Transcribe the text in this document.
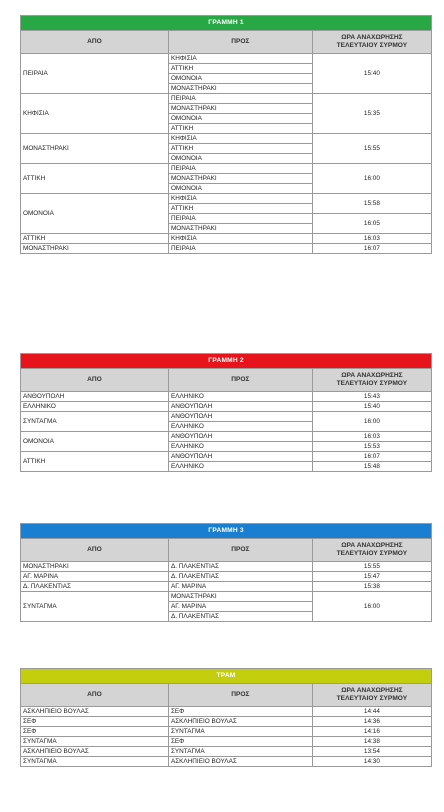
ΓΡΑΜΜΗ 1		
ΑΠΟ	ΠΡΟΣ	ΩΡΑ ΑΝΑΧΩΡΗΣΗΣ
ΤΕΛΕΥΤΑΙΟΥ ΣΥΡΜΟΥ
ΠΕΙΡΑΙΑ	ΚΗΦΙΣΙΑ	15:40
	ΑΤΤΙΚΗ	
	ΟΜΟΝΟΙΑ	
	ΜΟΝΑΣΤΗΡΑΚΙ	
ΚΗΦΙΣΙΑ	ΠΕΙΡΑΙΑ	15:35
	ΜΟΝΑΣΤΗΡΑΚΙ	
	ΟΜΟΝΟΙΑ	
	ΑΤΤΙΚΗ	
ΜΟΝΑΣΤΗΡΑΚΙ	ΚΗΦΙΣΙΑ	15:55
	ΑΤΤΙΚΗ	
	ΟΜΟΝΟΙΑ	
ΑΤΤΙΚΗ	ΠΕΙΡΑΙΑ	16:00
	ΜΟΝΑΣΤΗΡΑΚΙ	
	ΟΜΟΝΟΙΑ	
ΟΜΟΝΟΙΑ	ΚΗΦΙΣΙΑ	15:58
	ΑΤΤΙΚΗ	
	ΠΕΙΡΑΙΑ	16:05
	ΜΟΝΑΣΤΗΡΑΚΙ	
ΑΤΤΙΚΗ	ΚΗΦΙΣΙΑ	16:03
ΜΟΝΑΣΤΗΡΑΚΙ	ΠΕΙΡΑΙΑ	16:07
ΓΡΑΜΜΗ 2		
ΑΠΟ	ΠΡΟΣ	ΩΡΑ ΑΝΑΧΩΡΗΣΗΣ
ΤΕΛΕΥΤΑΙΟΥ ΣΥΡΜΟΥ
ΑΝΘΟΥΠΟΛΗ	ΕΛΛΗΝΙΚΟ	15:43
ΕΛΛΗΝΙΚΟ	ΑΝΘΟΥΠΟΛΗ	15:40
ΣΥΝΤΑΓΜΑ	ΑΝΘΟΥΠΟΛΗ	16:00
	ΕΛΛΗΝΙΚΟ	
ΟΜΟΝΟΙΑ	ΑΝΘΟΥΠΟΛΗ	16:03
	ΕΛΛΗΝΙΚΟ	15:53
ΑΤΤΙΚΗ	ΑΝΘΟΥΠΟΛΗ	16:07
	ΕΛΛΗΝΙΚΟ	15:48
ΓΡΑΜΜΗ 3		
ΑΠΟ	ΠΡΟΣ	ΩΡΑ ΑΝΑΧΩΡΗΣΗΣ
ΤΕΛΕΥΤΑΙΟΥ ΣΥΡΜΟΥ
ΜΟΝΑΣΤΗΡΑΚΙ	Δ. ΠΛΑΚΕΝΤΙΑΣ	15:55
ΑΓ. ΜΑΡΙΝΑ	Δ. ΠΛΑΚΕΝΤΙΑΣ	15:47
Δ. ΠΛΑΚΕΝΤΙΑΣ	ΑΓ. ΜΑΡΙΝΑ	15:38
ΣΥΝΤΑΓΜΑ	ΜΟΝΑΣΤΗΡΑΚΙ	16:00
	ΑΓ. ΜΑΡΙΝΑ	
	Δ. ΠΛΑΚΕΝΤΙΑΣ	
ΤΡΑΜ		
ΑΠΟ	ΠΡΟΣ	ΩΡΑ ΑΝΑΧΩΡΗΣΗΣ
ΤΕΛΕΥΤΑΙΟΥ ΣΥΡΜΟΥ
ΑΣΚΛΗΠΙΕΙΟ ΒΟΥΛΑΣ	ΣΕΦ	14:44
ΣΕΦ	ΑΣΚΛΗΠΙΕΙΟ ΒΟΥΛΑΣ	14:36
ΣΕΦ	ΣΥΝΤΑΓΜΑ	14:16
ΣΥΝΤΑΓΜΑ	ΣΕΦ	14:38
ΑΣΚΛΗΠΙΕΙΟ ΒΟΥΛΑΣ	ΣΥΝΤΑΓΜΑ	13:54
ΣΥΝΤΑΓΜΑ	ΑΣΚΛΗΠΙΕΙΟ ΒΟΥΛΑΣ	14:30
